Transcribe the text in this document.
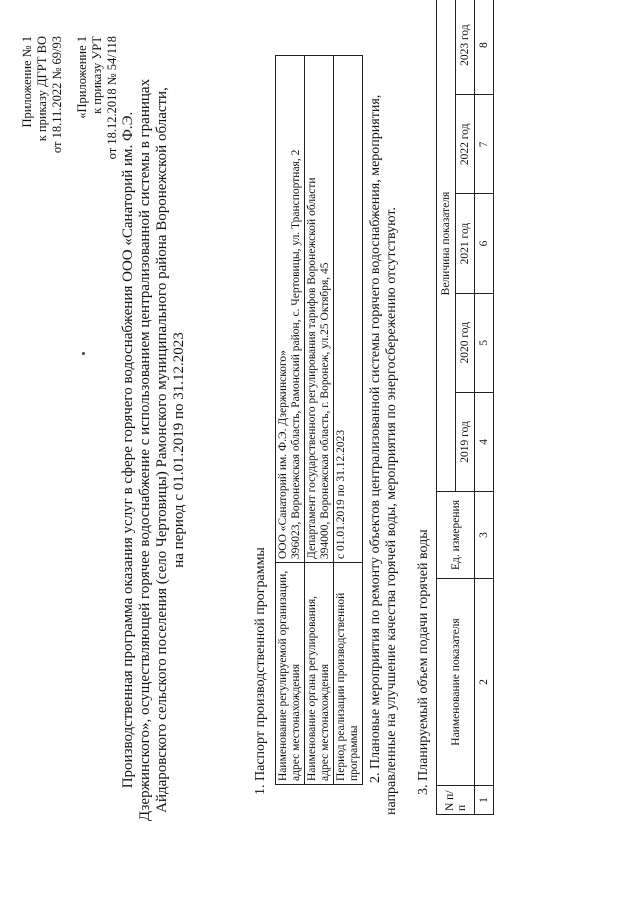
Приложение № 1 к приказу ДГРТ ВО от 18.11.2022 № 69/93 «Приложение 1 к приказу УРТ от 18.12.2018 № 54/118
Производственная программа оказания услуг в сфере горячего водоснабжения ООО «Санаторий им. Ф.Э. Дзержинского», осуществляющей горячее водоснабжение с использованием централизованной системы в границах Айдаровского сельского поселения (село Чертовицы) Рамонского муниципального района Воронежской области, на период с 01.01.2019 по 31.12.2023
1. Паспорт производственной программы Наименование регулируемой организации, адрес местонахождения	ООО «Санаторий им. Ф.Э. Дзержинского» 396023, Воронежская область, Рамонский район, с. Чертовицы, ул. Транспортная, 2

Наименование органа регулирования, адрес местонахождения	Департамент государственного регулирования тарифов Воронежской области 394000, Воронежская область, г. Воронеж, ул.25 Октября, 45

Период реализации производственной программы	с 01.01.2019 по 31.12.2023 2. Плановые мероприятия по ремонту объектов централизованной системы горячего водоснабжения, мероприятия, направленные на улучшение качества горячей воды, мероприятия по энергосбережению отсутствуют. 3. Планируемый объем подачи горячей воды
N п/ п	Наименование показателя	Ед. измерения	Величина показателя				
			2019 год	2020 год	2021 год	2022 год	2023 год
1	2	3	4	5	6	7	8
